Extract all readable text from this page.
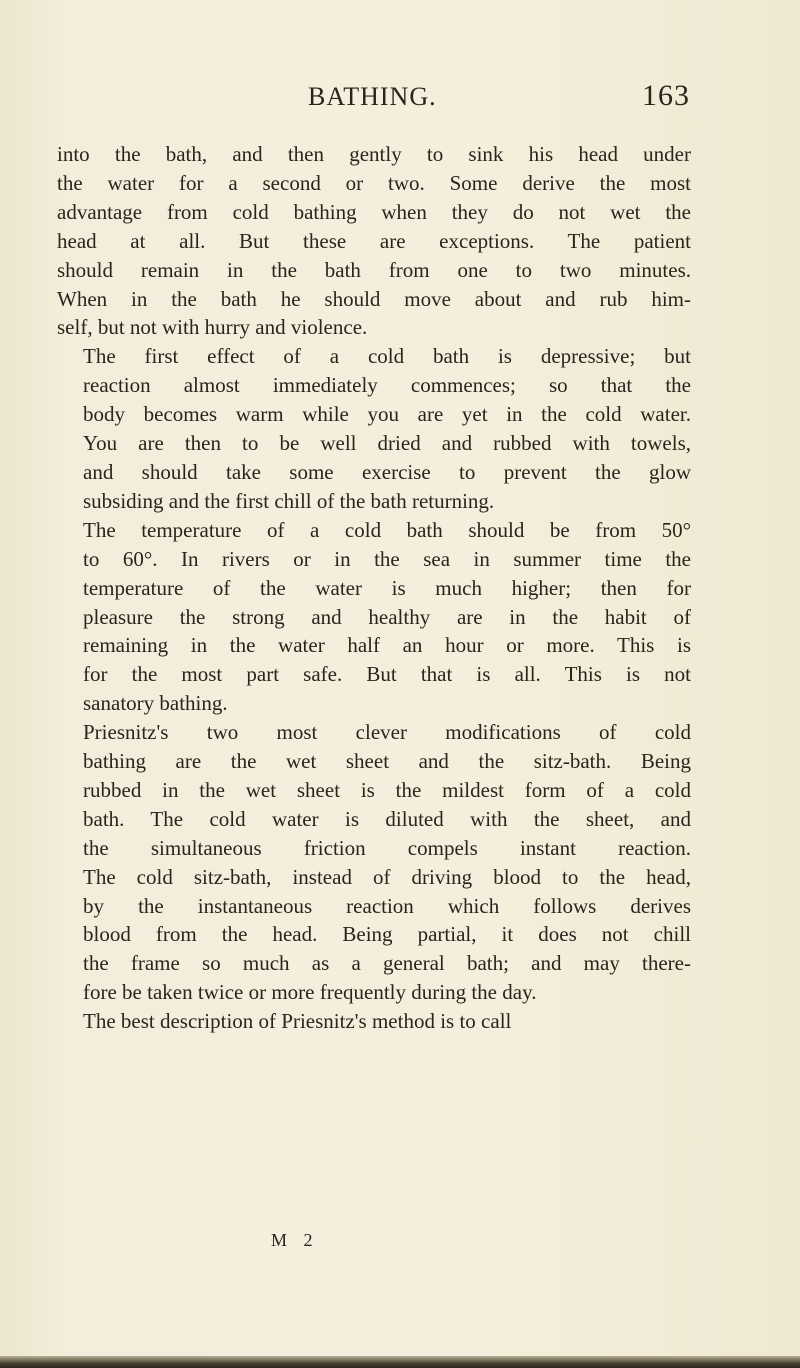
BATHING.	163

into the bath, and then gently to sink his head under
the water for a second or two. Some derive the most
advantage from cold bathing when they do not wet the
head at all. But these are exceptions. The patient
should remain in the bath from one to two minutes.
When in the bath he should move about and rub him-
self, but not with hurry and violence.

The first effect of a cold bath is depressive; but
reaction almost immediately commences; so that the
body becomes warm while you are yet in the cold water.
You are then to be well dried and rubbed with towels,
and should take some exercise to prevent the glow
subsiding and the first chill of the bath returning.

The temperature of a cold bath should be from 50°
to 60°. In rivers or in the sea in summer time the
temperature of the water is much higher; then for
pleasure the strong and healthy are in the habit of
remaining in the water half an hour or more. This is
for the most part safe. But that is all. This is not
sanatory bathing.

Priesnitz's two most clever modifications of cold
bathing are the wet sheet and the sitz-bath. Being
rubbed in the wet sheet is the mildest form of a cold
bath. The cold water is diluted with the sheet, and
the simultaneous friction compels instant reaction.
The cold sitz-bath, instead of driving blood to the head,
by the instantaneous reaction which follows derives
blood from the head. Being partial, it does not chill
the frame so much as a general bath; and may there-
fore be taken twice or more frequently during the day.

The best description of Priesnitz's method is to call

M 2
